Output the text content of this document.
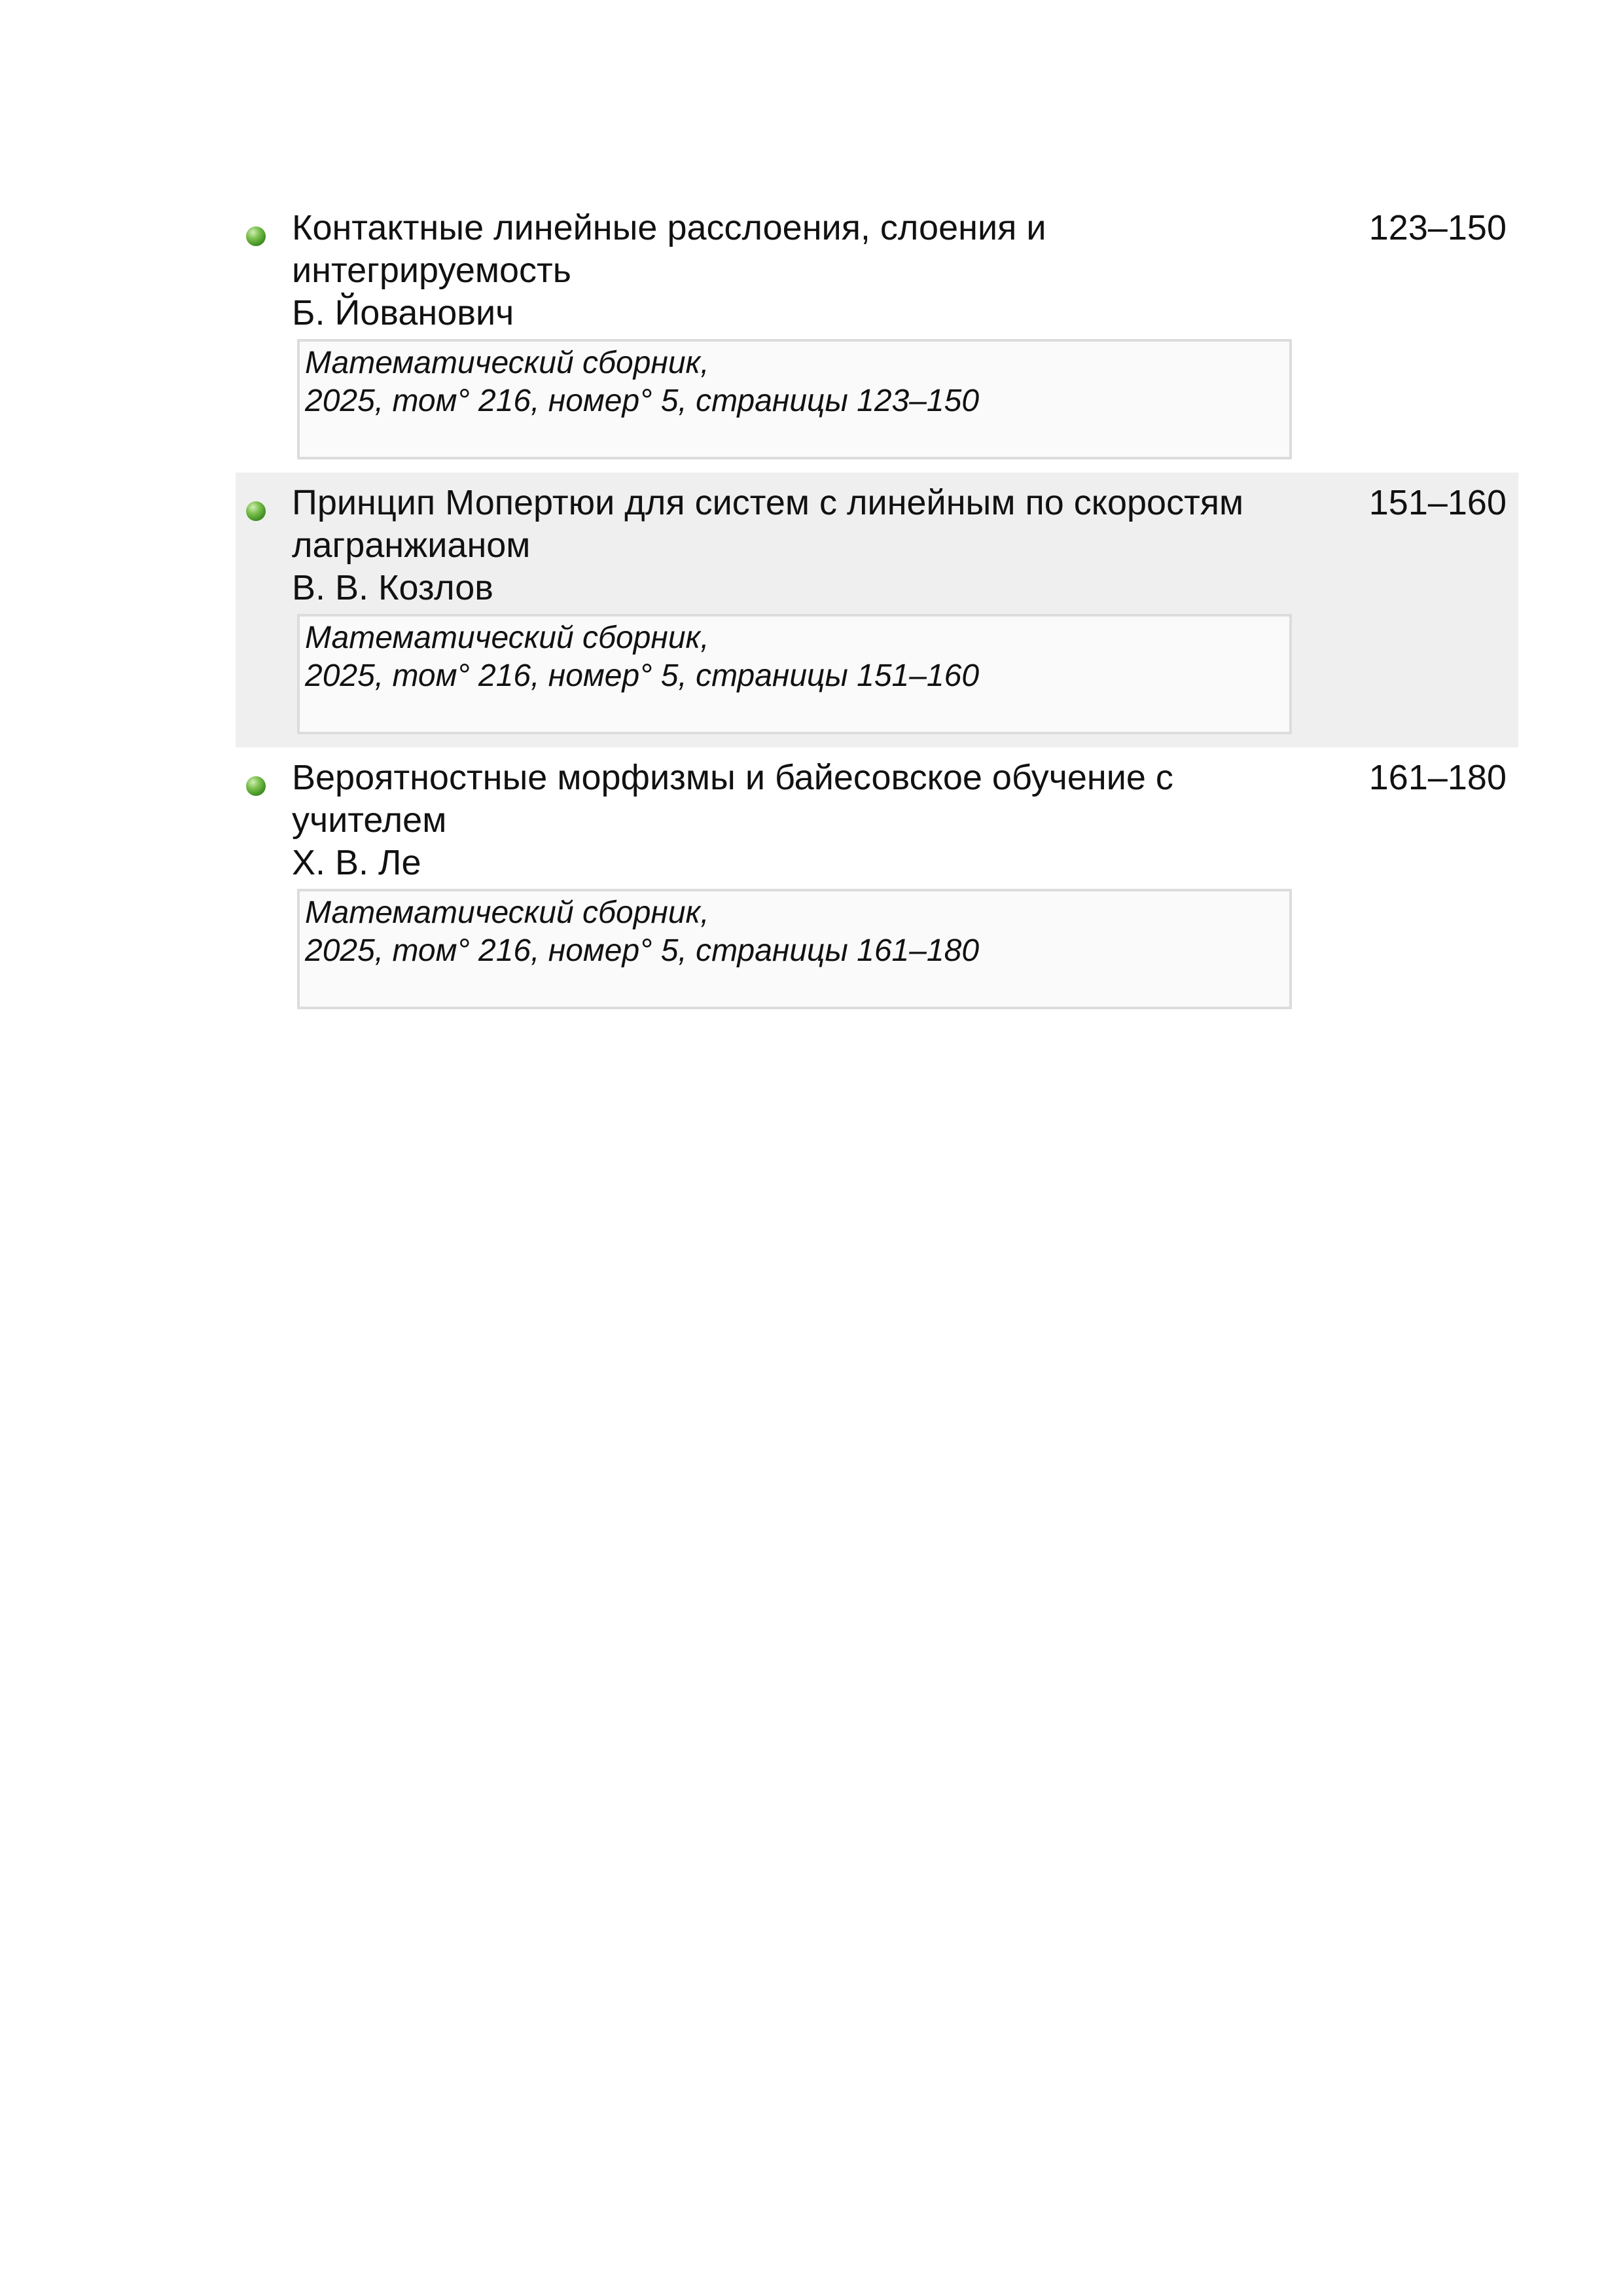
Контактные линейные расслоения, слоения и
интегрируемость
Б. Йованович
123–150
Математический сборник,
2025, том° 216, номер° 5, страницы 123–150
Принцип Мопертюи для систем с линейным по скоростям
лагранжианом
В. В. Козлов
151–160
Математический сборник,
2025, том° 216, номер° 5, страницы 151–160
Вероятностные морфизмы и байесовское обучение с
учителем
Х. В. Ле
161–180
Математический сборник,
2025, том° 216, номер° 5, страницы 161–180
